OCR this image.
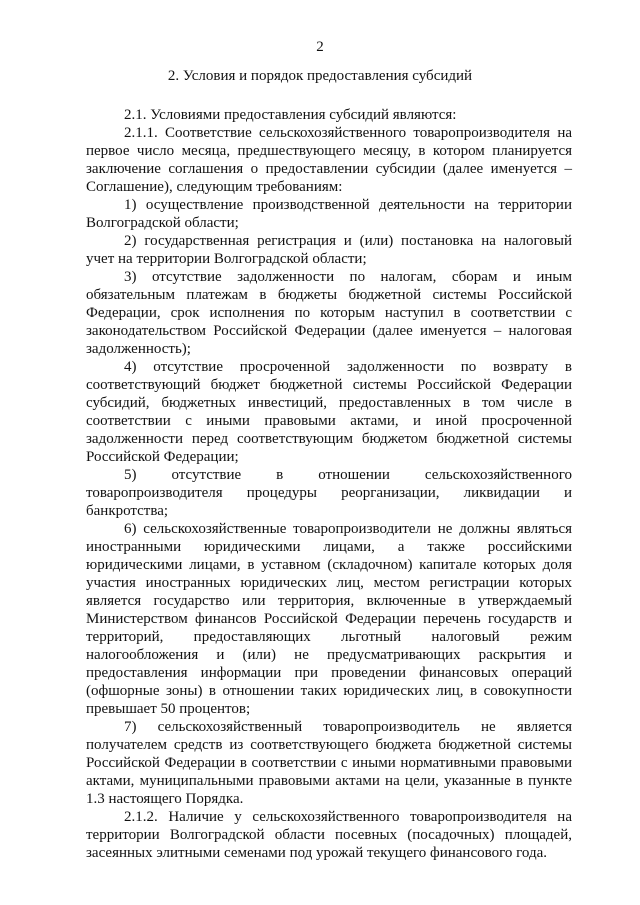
2
2. Условия и порядок предоставления субсидий

2.1. Условиями предоставления субсидий являются:

2.1.1. Соответствие сельскохозяйственного товаропроизводителя на первое число месяца, предшествующего месяцу, в котором планируется заключение соглашения о предоставлении субсидии (далее именуется – Соглашение), следующим требованиям:

1) осуществление производственной деятельности на территории Волгоградской области;

2) государственная регистрация и (или) постановка на налоговый учет на территории Волгоградской области;

3) отсутствие задолженности по налогам, сборам и иным обязательным платежам в бюджеты бюджетной системы Российской Федерации, срок исполнения по которым наступил в соответствии с законодательством Российской Федерации (далее именуется – налоговая задолженность);

4) отсутствие просроченной задолженности по возврату в соответствующий бюджет бюджетной системы Российской Федерации субсидий, бюджетных инвестиций, предоставленных в том числе в соответствии с иными правовыми актами, и иной просроченной задолженности перед соответствующим бюджетом бюджетной системы Российской Федерации;

5) отсутствие в отношении сельскохозяйственного товаропроизводителя процедуры реорганизации, ликвидации и банкротства;

6) сельскохозяйственные товаропроизводители не должны являться иностранными юридическими лицами, а также российскими юридическими лицами, в уставном (складочном) капитале которых доля участия иностранных юридических лиц, местом регистрации которых является государство или территория, включенные в утверждаемый Министерством финансов Российской Федерации перечень государств и территорий, предоставляющих льготный налоговый режим налогообложения и (или) не предусматривающих раскрытия и предоставления информации при проведении финансовых операций (офшорные зоны) в отношении таких юридических лиц, в совокупности превышает 50 процентов;

7) сельскохозяйственный товаропроизводитель не является получателем средств из соответствующего бюджета бюджетной системы Российской Федерации в соответствии с иными нормативными правовыми актами, муниципальными правовыми актами на цели, указанные в пункте 1.3 настоящего Порядка.

2.1.2. Наличие у сельскохозяйственного товаропроизводителя на территории Волгоградской области посевных (посадочных) площадей, засеянных элитными семенами под урожай текущего финансового года.
